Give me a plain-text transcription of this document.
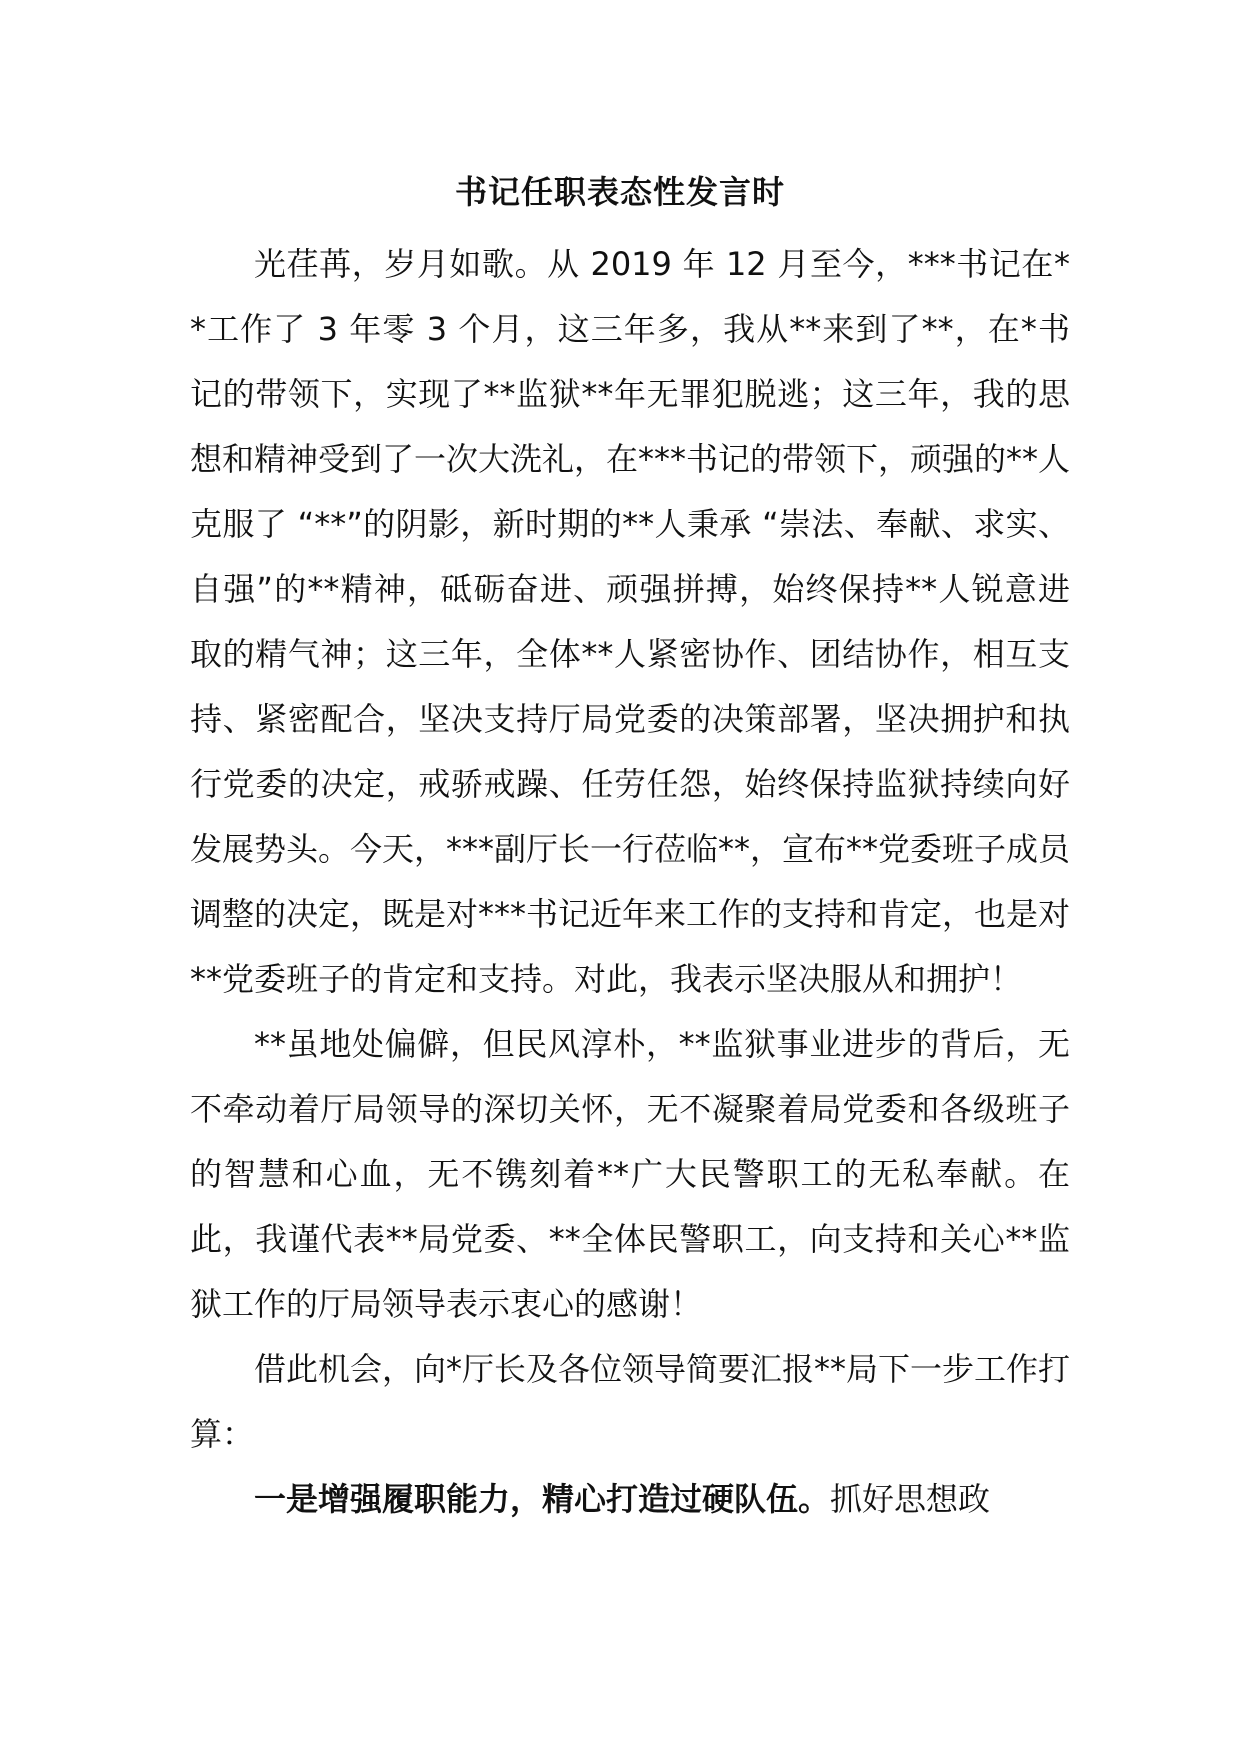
书记任职表态性发言时

光荏苒，岁月如歌。从 2019 年 12 月至今，***书记在**工作了 3 年零 3 个月，这三年多，我从**来到了**，在*书记的带领下，实现了**监狱**年无罪犯脱逃；这三年，我的思想和精神受到了一次大洗礼，在***书记的带领下，顽强的**人克服了 “**”的阴影，新时期的**人秉承 “崇法、奉献、求实、自强”的**精神，砥砺奋进、顽强拼搏，始终保持**人锐意进取的精气神；这三年，全体**人紧密协作、团结协作，相互支持、紧密配合，坚决支持厅局党委的决策部署，坚决拥护和执行党委的决定，戒骄戒躁、任劳任怨，始终保持监狱持续向好发展势头。今天，***副厅长一行莅临**，宣布**党委班子成员调整的决定，既是对***书记近年来工作的支持和肯定，也是对**党委班子的肯定和支持。对此，我表示坚决服从和拥护！

**虽地处偏僻，但民风淳朴，**监狱事业进步的背后，无不牵动着厅局领导的深切关怀，无不凝聚着局党委和各级班子的智慧和心血，无不镌刻着**广大民警职工的无私奉献。在此，我谨代表**局党委、**全体民警职工，向支持和关心**监狱工作的厅局领导表示衷心的感谢！

借此机会，向*厅长及各位领导简要汇报**局下一步工作打算：

一是增强履职能力，精心打造过硬队伍。抓好思想政
